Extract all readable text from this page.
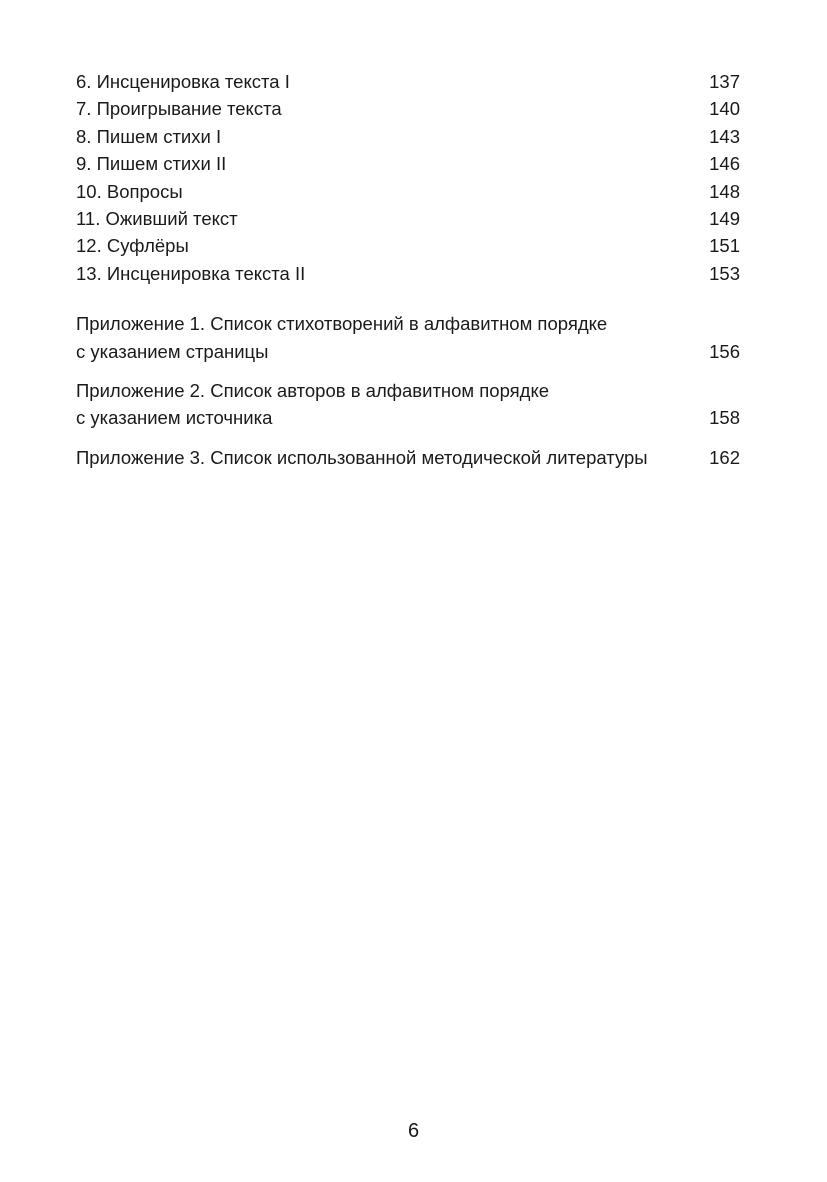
6. Инсценировка текста I	137
7. Проигрывание текста	140
8. Пишем стихи I	143
9. Пишем стихи II	146
10. Вопросы	148
11. Оживший текст	149
12. Суфлёры	151
13. Инсценировка текста II	153
Приложение 1. Список стихотворений в алфавитном порядке
с указанием страницы	156
Приложение 2. Список авторов в алфавитном порядке
с указанием источника	158
Приложение 3. Список использованной методической литературы	162
6
